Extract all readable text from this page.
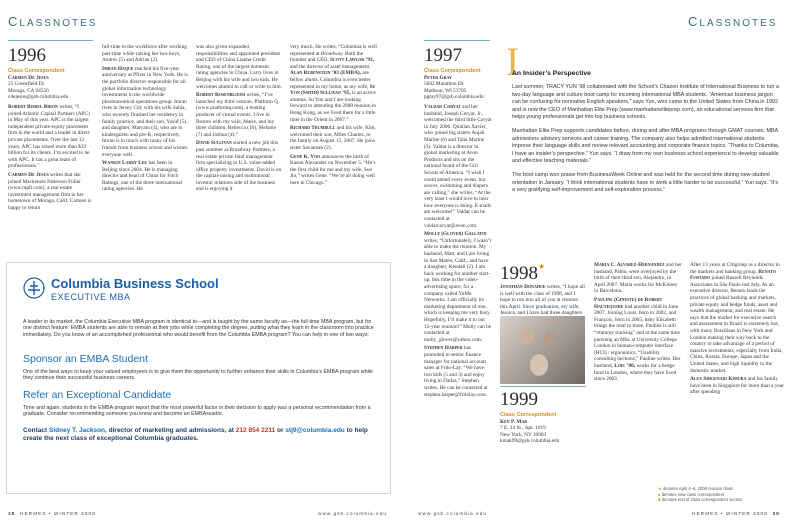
CLASSNOTES	CLASSNOTES
1996
Class Correspondent
Carmen De Jesus
25 Greenfield Dr.
Moraga, CA 94556
cdejesus@gsb.columbia.edu

Robert Bisrel Biron writes, “I joined Atlantic Capital Partners (APC) in May of this year. APC is the largest independent private-equity placement firm in the world and a leader in direct private placements. Over the last 12 years, APC has raised more than $33 billion for its clients. I’m excited to be with APC. It has a great team of professionals.”

Carmen De Jesus writes that she joined Mackenzie Patterson Fuller (www.mpfi.com), a real estate investment management firm in her hometown of Moraga, Calif. Carmen is happy to return

full-time to the workforce after working part-time while raising her two boys, Andres (5) and Adrian (2).

Imran Haque reached his five-year anniversary at Pfizer in New York. He is the portfolio director responsible for all global information technology investments in the worldwide pharmaceutical operations group. Imran lives in Jersey City with his wife Sabia, who recently finished her residency in family practice, and their son, Yusuf (5), and daughter, Maryam (4), who are in kindergarten and pre-K, respectively. Imran is in touch with many of his friends from business school and wishes everyone well.

Wankin Larry Lee has been in Beijing since 2004. He is managing director and head of China for Fitch Ratings, one of the three international rating agencies. He

was also given expanded responsibilities and appointed president and CEO of China Lianhe Credit Rating, one of the largest domestic rating agencies in China. Larry lives in Beijing with his wife and two kids. He welcomes alumni to call or write to him.

Robert Rosenbloom writes, “I’ve launched my third venture, Platform Q (www.platformq.com), a leading producer of virtual events. I live in Boston with my wife, Marie, and my three children, Rebecca (10), Melanie (7) and Joshua (4).”

David Sullivan started a new job this past summer at Broadway Partners, a real estate private fund management firm specializing in U.S. value-added office property investments. David is on the capital-raising and institutional investor relations side of the business and is enjoying it

very much. He writes, “Columbia is well represented at Broadway. Both the founder and CEO, Scott Lawlor ’93, and the director of asset management, Alan Rubenstein ’03 (EMBA), are fellow alums. Columbia is even better represented in my home, as my wife, Su Yon (Smith) Sullivan ’95, is an active alumna. Su Yon and I are looking forward to attending the 2008 reunion in Hong Kong, as we lived there for a little time in the Orient in 2007.”

Richard Trumbull and his wife, Kim, welcomed their son, Miles Charles, to the family on August 15, 2007. He joins sister Savannah (2).

Gene K. Yoo announces the birth of Kason Alexander on November 5. “He’s the first child for me and my wife, Soo Jin,” writes Gene. “We’re all doing well here in Chicago.”

1997
Class Correspondent
Peter Gray
5042 Marathon Dr.
Madison, WI 53705
pgray97@gsb.columbia.edu

Valdar Coryat and her husband, Joseph Coryat, Jr., welcomed the third little Coryat in July 2006. Quinlan Xavier, who joined big sisters Anjali Marine (6) and Talia Marine (3). Valdar is a director in global marketing at Avon Products and sits on the national board of the Girl Scouts of America. “I wish I could attend every event, but soccer, swimming and diapers are calling,” she writes. “At the very least I would love to hear how everyone is doing. E-mails are welcome!” Valdar can be contacted at valdarcoryat@avon.com.

Molly (Glover) Gallatin writes, “Unfortunately, I wasn’t able to make the reunion. My husband, Matt, and I are living in San Mateo, Calif., and have a daughter, Kendall (2). I am back working for another start-up, this time in the video-advertising space, for a company called YuMe Networks. I am officially its marketing department of one, which is keeping me very busy. Hopefully, I’ll make it to our 15-year reunion!” Molly can be contacted at molly_glover@yahoo.com.

Stephen Harper has promoted to senior finance manager for national account sales at Frito-Lay. “We have two kids (5 and 3) and enjoy living in Dallas,” Stephen writes. He can be contacted at stephen.harper@fritolay.com.

I
An Insider’s Perspective

Last summer, TRACY YUN ’98 collaborated with the School’s Chazen Institute of International Business to run a two-day language and culture boot camp for incoming international MBA students. “American business jargon can be confusing for nonnative English speakers,” says Yun, who came to the United States from China in 1992 and is now the CEO of Manhattan Elite Prep (www.manhattaneliteprep.com), an educational services firm that helps young professionals get into top business schools.

Manhattan Elite Prep supports candidates before, during and after MBA programs through GMAT courses, MBA admissions advisory services and career training. The company also helps admitted international students improve their language skills and review relevant accounting and corporate finance topics. “Thanks to Columbia, I have an insider’s perspective,” Yun says. “I draw from my own business school experience to develop valuable and effective teaching materials.”

The boot camp won praise from BusinessWeek Online and was held for the second time during new-student orientation in January. “I think international students have to work a little harder to be successful,” Yun says. “It’s a very gratifying self-improvement and self-exploration process.”

1998★

Jonathan Donahue writes, “I hope all is well with the class of 1998, and I hope to run into all of you at reunion this April. Since graduation, my wife, Jessica, and I have had three daughters

1999
Class Correspondent
Ken P. Mak
7 E. 14 St., Apt. 1019
New York, NY 10003
kmak99@gsb.columbia.edu

Maria C. Alvarez-Hernandez and her husband, Pablo, were overjoyed by the birth of their third son, Alejandro, in April 2007. Maria works for McKinsey in Barcelona.

Pauline (Gineste) de Robert Hautequere had another child in June 2007. Joining Louis, born in 2002, and François, born in 2005, baby Elisabeth brings the total to three. Pauline is still “mummy tracking” and at the same time pursuing an MSc at University College London in human-computer interface (HCI) / ergonomics. “Usability consulting beckons,” Pauline writes. Her husband, Loic ’00, works for a hedge fund in London, where they have lived since 2003.

After 13 years at Citigroup as a director in the markets and banking group, Renato Furtado joined Russell Reynolds Associates in São Paulo last July. As an executive director, Renato leads the practices of global banking and markets, private equity and hedge funds, asset and wealth management, and real estate. He says that the market for executive search and assessment in Brazil is extremely hot, with many Brazilians in New York and London making their way back to the country to take advantage of a period of massive investments, especially from India, China, Russia, Europe, Japan and the United States, and high liquidity in the domestic market.

Alex Shigenari Kimura and his family have been in Singapore for more than a year after spending

★ denotes April 4–6, 2008 reunion class
● denotes new class correspondent
■ denotes end of class correspondent section
Columbia Business School
EXECUTIVE MBA
A leader in its market, the Columbia Executive MBA program is identical to—and is taught by the same faculty as—the full-time MBA program, but for one distinct feature: EMBA students are able to remain at their jobs while completing the degree, putting what they learn in the classroom into practice immediately. Do you know of an accomplished professional who would benefit from the Columbia EMBA program? You can help in one of two ways:
Sponsor an EMBA Student
One of the best ways to keep your valued employees is to give them the opportunity to further enhance their skills in Columbia’s EMBA program while they continue their successful business careers.
Refer an Exceptional Candidate
Time and again, students in the EMBA program report that the most powerful factor in their decision to apply was a personal recommendation from a graduate. Consider recommending someone you know and become an EMBAssador.
Contact Sidney T. Jackson, director of marketing and admissions, at 212 854 2211 or stj9@columbia.edu to help create the next class of exceptional Columbia graduates.
38 HERMES • WINTER 2008	www.gsb.columbia.edu	www.gsb.columbia.edu	HERMES • WINTER 2008 39
